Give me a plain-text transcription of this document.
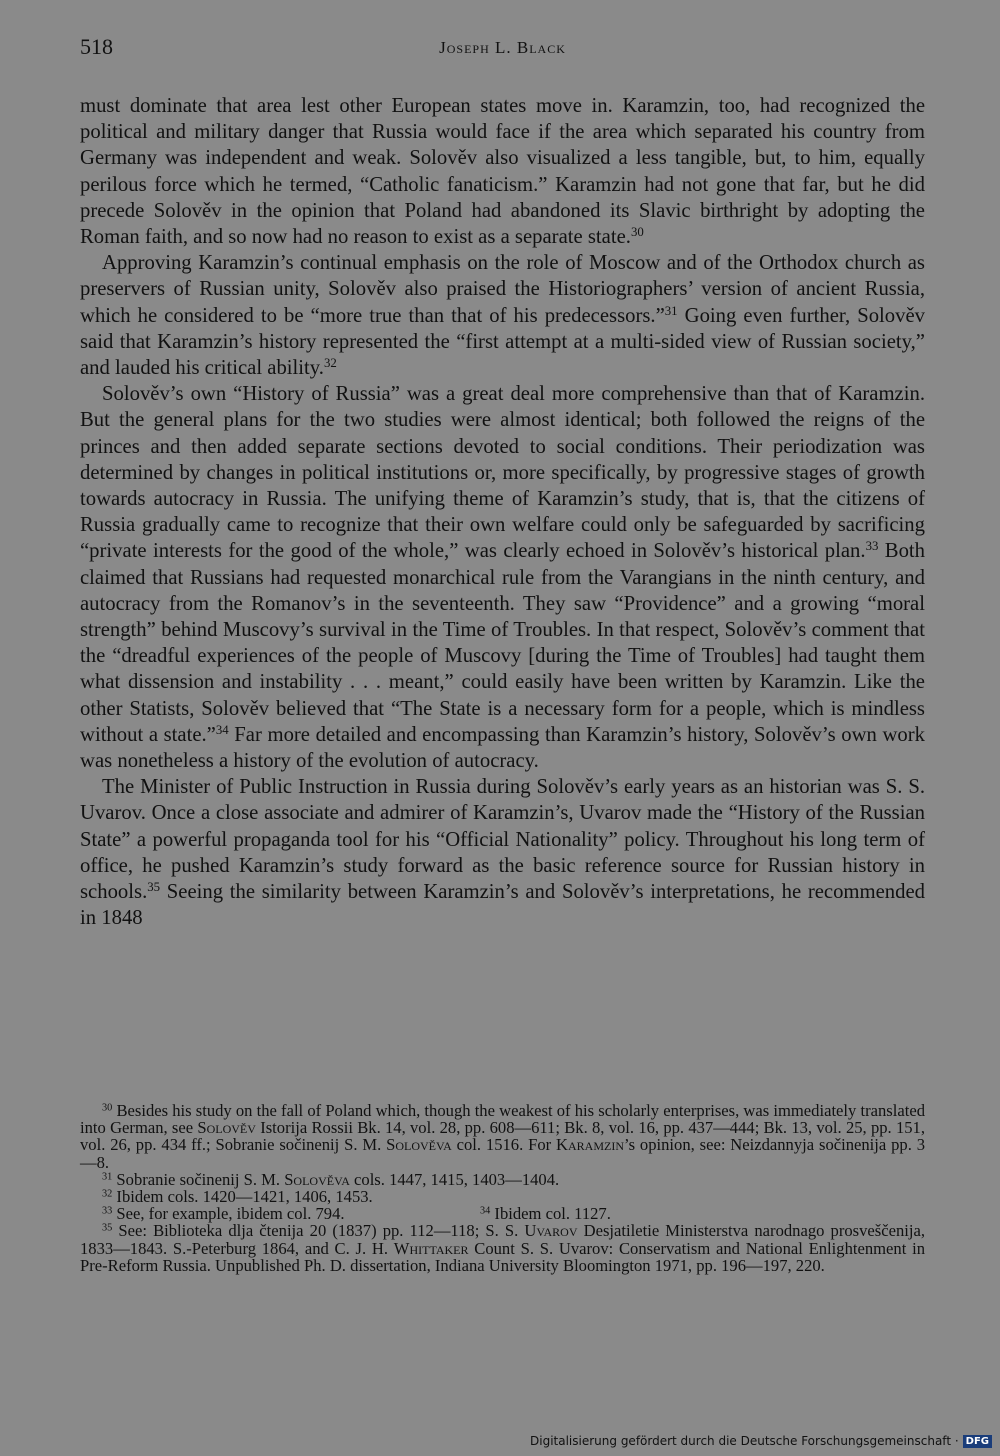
518	Joseph L. Black

must dominate that area lest other European states move in. Karamzin, too, had recognized the political and military danger that Russia would face if the area which separated his country from Germany was independent and weak. Solověv also visualized a less tangible, but, to him, equally perilous force which he termed, “Catholic fanaticism.” Karamzin had not gone that far, but he did precede Solověv in the opinion that Poland had abandoned its Slavic birthright by adopting the Roman faith, and so now had no reason to exist as a separate state.$^{30}$

Approving Karamzin’s continual emphasis on the role of Moscow and of the Orthodox church as preservers of Russian unity, Solověv also praised the Historiographers’ version of ancient Russia, which he considered to be “more true than that of his predecessors.”$^{31}$ Going even further, Solověv said that Karamzin’s history represented the “first attempt at a multi-sided view of Russian society,” and lauded his critical ability.$^{32}$

Solověv’s own “History of Russia” was a great deal more comprehensive than that of Karamzin. But the general plans for the two studies were almost identical; both followed the reigns of the princes and then added separate sections devoted to social conditions. Their periodization was determined by changes in political institutions or, more specifically, by progressive stages of growth towards autocracy in Russia. The unifying theme of Karamzin’s study, that is, that the citizens of Russia gradually came to recognize that their own welfare could only be safeguarded by sacrificing “private interests for the good of the whole,” was clearly echoed in Solověv’s historical plan.$^{33}$ Both claimed that Russians had requested monarchical rule from the Varangians in the ninth century, and autocracy from the Romanov’s in the seventeenth. They saw “Providence” and a growing “moral strength” behind Muscovy’s survival in the Time of Troubles. In that respect, Solověv’s comment that the “dreadful experiences of the people of Muscovy [during the Time of Troubles] had taught them what dissension and instability . . . meant,” could easily have been written by Karamzin. Like the other Statists, Solověv believed that “The State is a necessary form for a people, which is mindless without a state.”$^{34}$ Far more detailed and encompassing than Karamzin’s history, Solověv’s own work was nonetheless a history of the evolution of autocracy.

The Minister of Public Instruction in Russia during Solověv’s early years as an historian was S. S. Uvarov. Once a close associate and admirer of Karamzin’s, Uvarov made the “History of the Russian State” a powerful propaganda tool for his “Official Nationality” policy. Throughout his long term of office, he pushed Karamzin’s study forward as the basic reference source for Russian history in schools.$^{35}$ Seeing the similarity between Karamzin’s and Solověv’s interpretations, he recommended in 1848

$^{30}$ Besides his study on the fall of Poland which, though the weakest of his scholarly enterprises, was immediately translated into German, see Solověv Istorija Rossii Bk. 14, vol. 28, pp. 608—611; Bk. 8, vol. 16, pp. 437—444; Bk. 13, vol. 25, pp. 151, vol. 26, pp. 434 ff.; Sobranie sočinenij S. M. Solověva col. 1516. For Karamzin’s opinion, see: Neizdannyja sočinenija pp. 3—8.

$^{31}$ Sobranie sočinenij S. M. Solověva cols. 1447, 1415, 1403—1404.

$^{32}$ Ibidem cols. 1420—1421, 1406, 1453.

$^{33}$ See, for example, ibidem col. 794.	$^{34}$ Ibidem col. 1127.

$^{35}$ See: Biblioteka dlja čtenija 20 (1837) pp. 112—118; S. S. Uvarov Desjatiletie Ministerstva narodnago prosveščenija, 1833—1843. S.-Peterburg 1864, and C. J. H. Whittaker Count S. S. Uvarov: Conservatism and National Enlightenment in Pre-Reform Russia. Unpublished Ph. D. dissertation, Indiana University Bloomington 1971, pp. 196—197, 220.

Digitalisierung gefördert durch die Deutsche Forschungsgemeinschaft · DFG
